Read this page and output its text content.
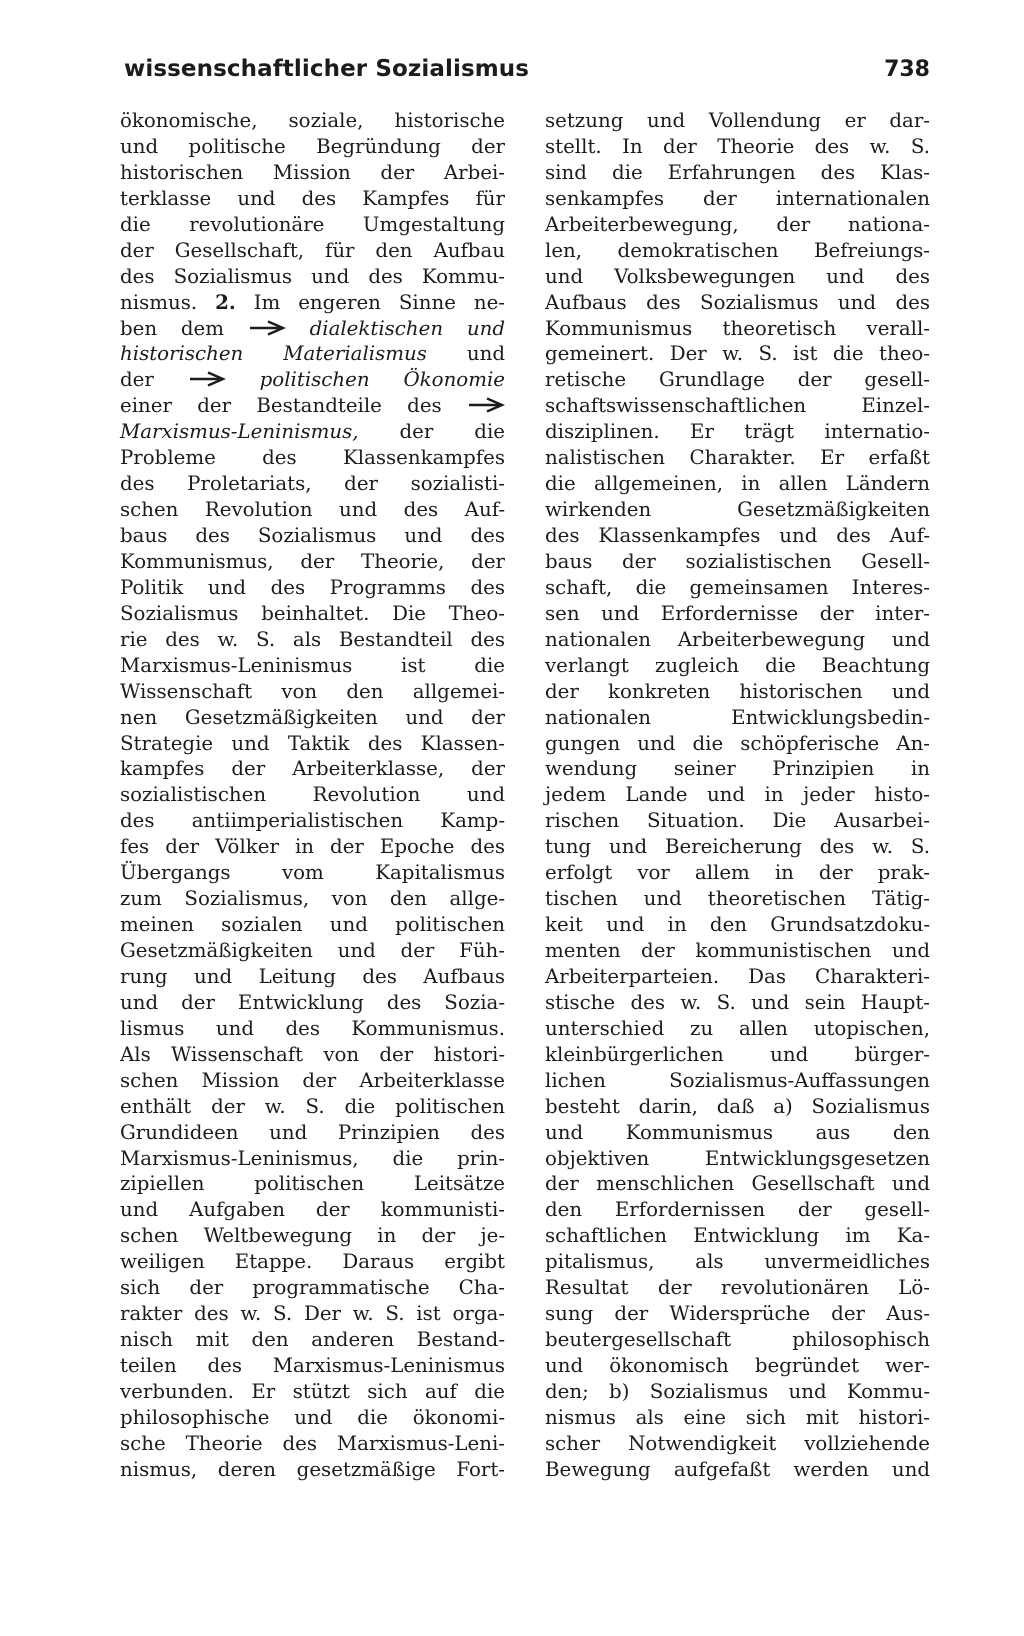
wissenschaftlicher Sozialismus	738
ökonomische, soziale, historische
und politische Begründung der
historischen Mission der Arbei-
terklasse und des Kampfes für
die revolutionäre Umgestaltung
der Gesellschaft, für den Aufbau
des Sozialismus und des Kommu-
nismus. 2. Im engeren Sinne ne-
ben dem	dialektischen und
historischen Materialismus und
der	politischen Ökonomie
einer der Bestandteile des
Marxismus-Leninismus, der die
Probleme des Klassenkampfes
des Proletariats, der sozialisti-
schen Revolution und des Auf-
baus des Sozialismus und des
Kommunismus, der Theorie, der
Politik und des Programms des
Sozialismus beinhaltet. Die Theo-
rie des w. S. als Bestandteil des
Marxismus-Leninismus ist die
Wissenschaft von den allgemei-
nen Gesetzmäßigkeiten und der
Strategie und Taktik des Klassen-
kampfes der Arbeiterklasse, der
sozialistischen Revolution und
des antiimperialistischen Kamp-
fes der Völker in der Epoche des
Übergangs vom Kapitalismus
zum Sozialismus, von den allge-
meinen sozialen und politischen
Gesetzmäßigkeiten und der Füh-
rung und Leitung des Aufbaus
und der Entwicklung des Sozia-
lismus und des Kommunismus.
Als Wissenschaft von der histori-
schen Mission der Arbeiterklasse
enthält der w. S. die politischen
Grundideen und Prinzipien des
Marxismus-Leninismus, die prin-
zipiellen politischen Leitsätze
und Aufgaben der kommunisti-
schen Weltbewegung in der je-
weiligen Etappe. Daraus ergibt
sich der programmatische Cha-
rakter des w. S. Der w. S. ist orga-
nisch mit den anderen Bestand-
teilen des Marxismus-Leninismus
verbunden. Er stützt sich auf die
philosophische und die ökonomi-
sche Theorie des Marxismus-Leni-
nismus, deren gesetzmäßige Fort-
setzung und Vollendung er dar-
stellt. In der Theorie des w. S.
sind die Erfahrungen des Klas-
senkampfes der internationalen
Arbeiterbewegung, der nationa-
len, demokratischen Befreiungs-
und Volksbewegungen und des
Aufbaus des Sozialismus und des
Kommunismus theoretisch verall-
gemeinert. Der w. S. ist die theo-
retische Grundlage der gesell-
schaftswissenschaftlichen Einzel-
disziplinen. Er trägt internatio-
nalistischen Charakter. Er erfaßt
die allgemeinen, in allen Ländern
wirkenden Gesetzmäßigkeiten
des Klassenkampfes und des Auf-
baus der sozialistischen Gesell-
schaft, die gemeinsamen Interes-
sen und Erfordernisse der inter-
nationalen Arbeiterbewegung und
verlangt zugleich die Beachtung
der konkreten historischen und
nationalen Entwicklungsbedin-
gungen und die schöpferische An-
wendung seiner Prinzipien in
jedem Lande und in jeder histo-
rischen Situation. Die Ausarbei-
tung und Bereicherung des w. S.
erfolgt vor allem in der prak-
tischen und theoretischen Tätig-
keit und in den Grundsatzdoku-
menten der kommunistischen und
Arbeiterparteien. Das Charakteri-
stische des w. S. und sein Haupt-
unterschied zu allen utopischen,
kleinbürgerlichen und bürger-
lichen Sozialismus-Auffassungen
besteht darin, daß a) Sozialismus
und Kommunismus aus den
objektiven Entwicklungsgesetzen
der menschlichen Gesellschaft und
den Erfordernissen der gesell-
schaftlichen Entwicklung im Ka-
pitalismus, als unvermeidliches
Resultat der revolutionären Lö-
sung der Widersprüche der Aus-
beutergesellschaft philosophisch
und ökonomisch begründet wer-
den; b) Sozialismus und Kommu-
nismus als eine sich mit histori-
scher Notwendigkeit vollziehende
Bewegung aufgefaßt werden und
